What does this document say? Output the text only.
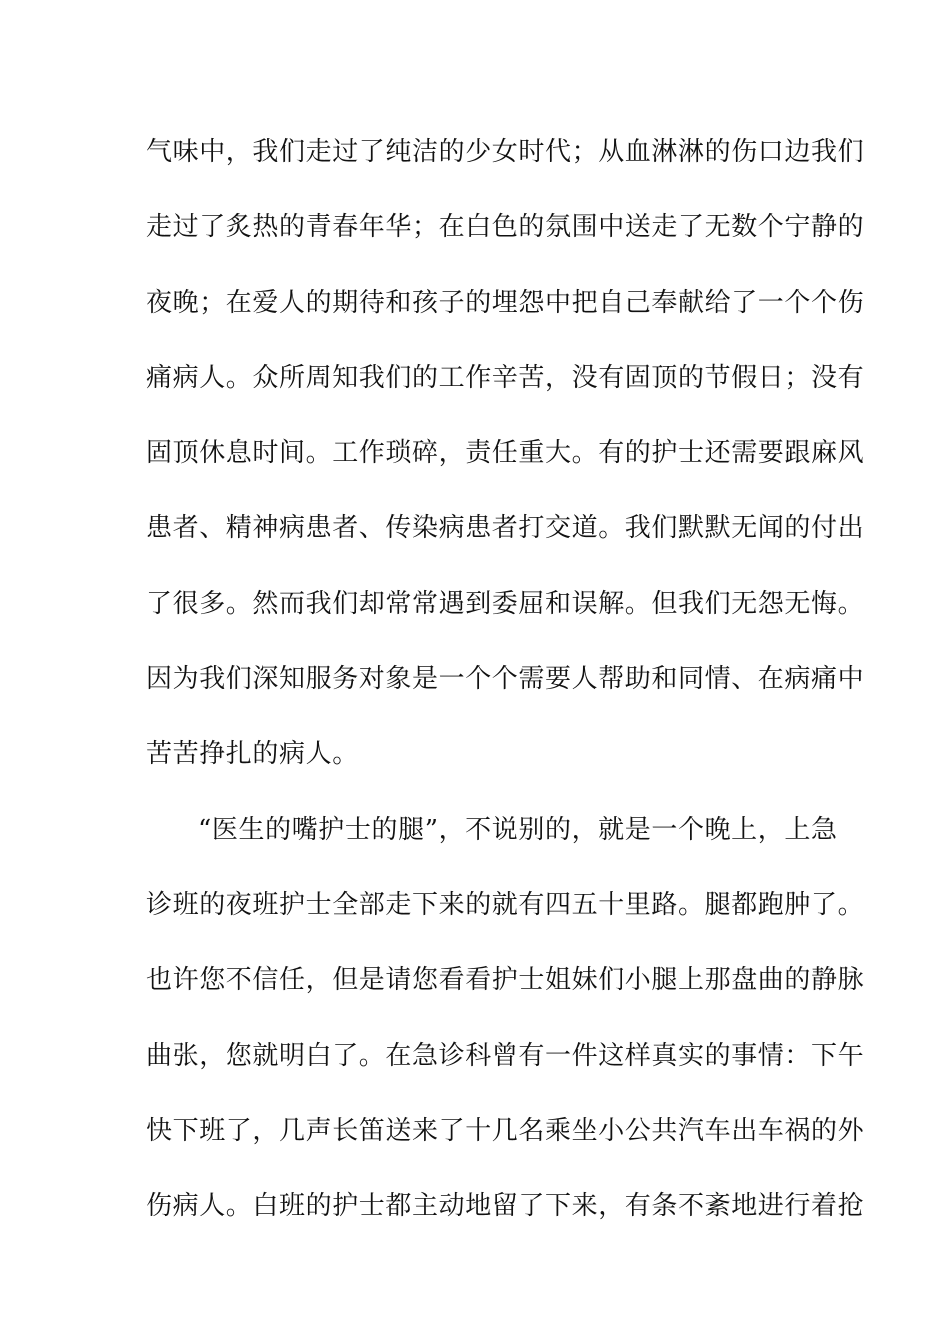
气味中，我们走过了纯洁的少女时代；从血淋淋的伤口边我们
走过了炙热的青春年华；在白色的氛围中送走了无数个宁静的
夜晚；在爱人的期待和孩子的埋怨中把自己奉献给了一个个伤
痛病人。众所周知我们的工作辛苦，没有固顶的节假日；没有
固顶休息时间。工作琐碎，责任重大。有的护士还需要跟麻风
患者、精神病患者、传染病患者打交道。我们默默无闻的付出
了很多。然而我们却常常遇到委屈和误解。但我们无怨无悔。
因为我们深知服务对象是一个个需要人帮助和同情、在病痛中
苦苦挣扎的病人。
“医生的嘴护士的腿”，不说别的，就是一个晚上，上急
诊班的夜班护士全部走下来的就有四五十里路。腿都跑肿了。
也许您不信任，但是请您看看护士姐妹们小腿上那盘曲的静脉
曲张，您就明白了。在急诊科曾有一件这样真实的事情：下午
快下班了，几声长笛送来了十几名乘坐小公共汽车出车祸的外
伤病人。白班的护士都主动地留了下来，有条不紊地进行着抢
